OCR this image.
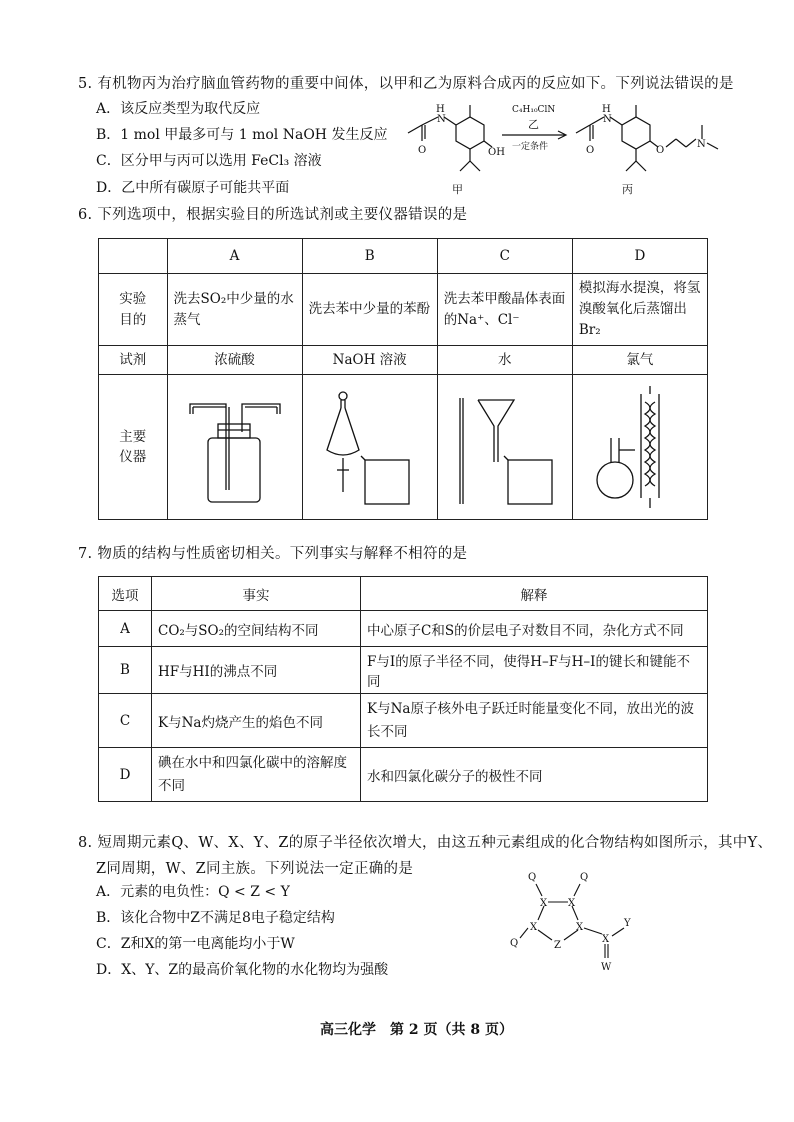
5. 有机物丙为治疗脑血管药物的重要中间体，以甲和乙为原料合成丙的反应如下。下列说法错误的是
A．该反应类型为取代反应
B．1 mol 甲最多可与 1 mol NaOH 发生反应
C．区分甲与丙可以选用 FeCl₃ 溶液
D．乙中所有碳原子可能共平面
H
N
O	OH
H
N
O	O
N
C₄H₁₀ClN
乙
一定条件
甲	丙
6. 下列选项中，根据实验目的所选试剂或主要仪器错误的是
	A	B	C	D
实验
目的	洗去SO₂中少量的水蒸气	洗去苯中少量的苯酚	洗去苯甲酸晶体表面的Na⁺、Cl⁻	模拟海水提溴，将氢溴酸氧化后蒸馏出Br₂
试剂	浓硫酸	NaOH 溶液	水	氯气
主要
仪器				
7. 物质的结构与性质密切相关。下列事实与解释不相符的是
选项	事实	解释
A	CO₂与SO₂的空间结构不同	中心原子C和S的价层电子对数目不同，杂化方式不同
B	HF与HI的沸点不同	F与I的原子半径不同，使得H–F与H–I的键长和键能不同
C	K与Na灼烧产生的焰色不同	K与Na原子核外电子跃迁时能量变化不同，放出光的波长不同
D	碘在水中和四氯化碳中的溶解度不同	水和四氯化碳分子的极性不同
8. 短周期元素Q、W、X、Y、Z的原子半径依次增大，由这五种元素组成的化合物结构如图所示，其中Y、
Z同周期，W、Z同主族。下列说法一定正确的是
A．元素的电负性：Q < Z < Y
B．该化合物中Z不满足8电子稳定结构
C．Z和X的第一电离能均小于W
D．X、Y、Z的最高价氧化物的水化物均为强酸
Q	Q
X X
X	X
Q	Z
X
Y
W
高三化学　第 2 页（共 8 页）
